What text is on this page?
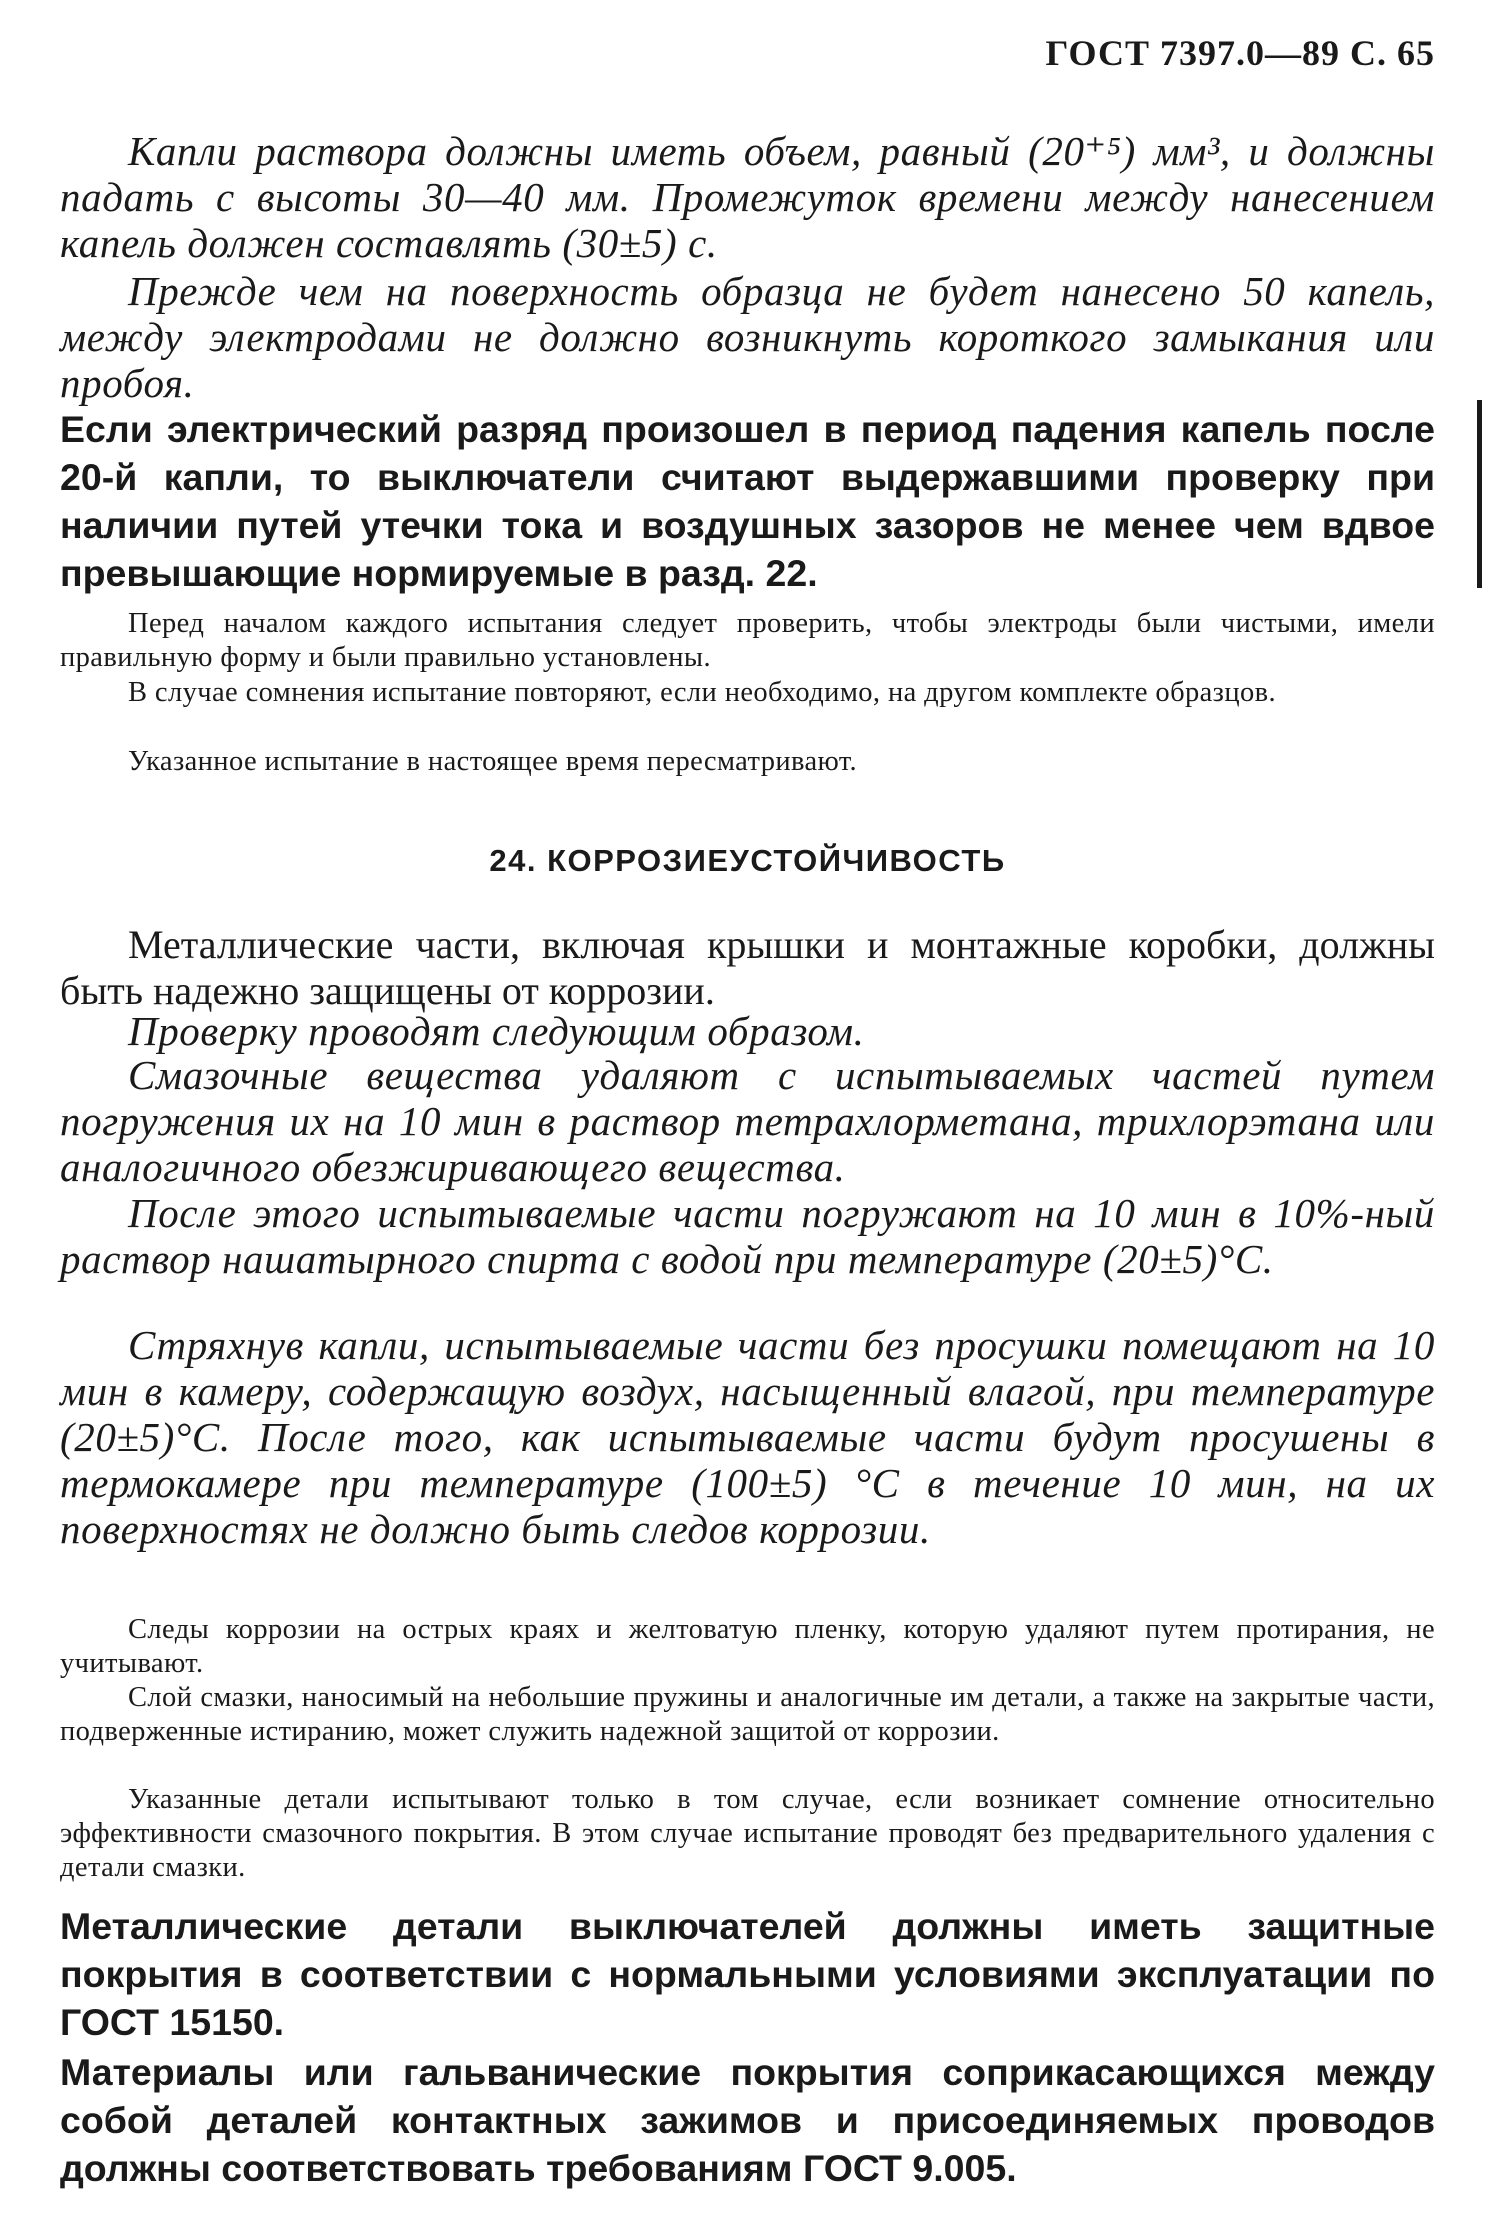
ГОСТ 7397.0—89 С. 65

Капли раствора должны иметь объем, равный (20⁺⁵) мм³, и должны падать с высоты 30—40 мм. Промежуток времени между нанесением капель должен составлять (30±5) с.

Прежде чем на поверхность образца не будет нанесено 50 капель, между электродами не должно возникнуть короткого замыкания или пробоя.

Если электрический разряд произошел в период падения капель после 20-й капли, то выключатели считают выдержавшими проверку при наличии путей утечки тока и воздушных зазоров не менее чем вдвое превышающие нормируемые в разд. 22.

Перед началом каждого испытания следует проверить, чтобы электроды были чистыми, имели правильную форму и были правильно установлены.

В случае сомнения испытание повторяют, если необходимо, на другом комплекте образцов.

Указанное испытание в настоящее время пересматривают.

24. КОРРОЗИЕУСТОЙЧИВОСТЬ

Металлические части, включая крышки и монтажные коробки, должны быть надежно защищены от коррозии.

Проверку проводят следующим образом.

Смазочные вещества удаляют с испытываемых частей путем погружения их на 10 мин в раствор тетрахлорметана, трихлорэтана или аналогичного обезжиривающего вещества.

После этого испытываемые части погружают на 10 мин в 10%-ный раствор нашатырного спирта с водой при температуре (20±5)°С.

Стряхнув капли, испытываемые части без просушки помещают на 10 мин в камеру, содержащую воздух, насыщенный влагой, при температуре (20±5)°С. После того, как испытываемые части будут просушены в термокамере при температуре (100±5) °С в течение 10 мин, на их поверхностях не должно быть следов коррозии.

Следы коррозии на острых краях и желтоватую пленку, которую удаляют путем протирания, не учитывают.

Слой смазки, наносимый на небольшие пружины и аналогичные им детали, а также на закрытые части, подверженные истиранию, может служить надежной защитой от коррозии.

Указанные детали испытывают только в том случае, если возникает сомнение относительно эффективности смазочного покрытия. В этом случае испытание проводят без предварительного удаления с детали смазки.

Металлические детали выключателей должны иметь защитные покрытия в соответствии с нормальными условиями эксплуатации по ГОСТ 15150.

Материалы или гальванические покрытия соприкасающихся между собой деталей контактных зажимов и присоединяемых проводов должны соответствовать требованиям ГОСТ 9.005.
